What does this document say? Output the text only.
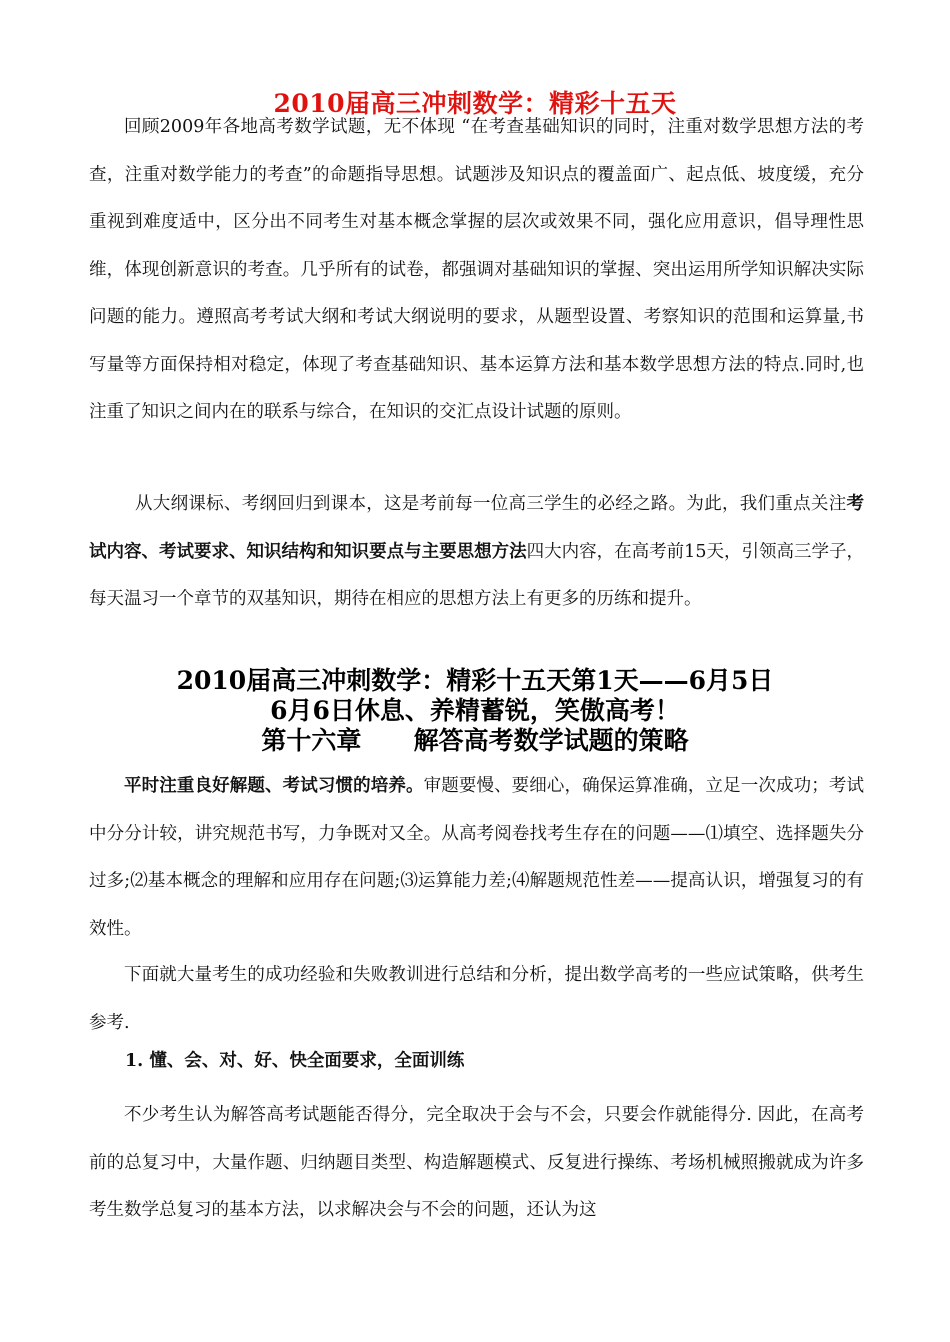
2010届高三冲刺数学：精彩十五天

回顾2009年各地高考数学试题，无不体现 “在考查基础知识的同时，注重对数学思想方法的考查，注重对数学能力的考查”的命题指导思想。试题涉及知识点的覆盖面广、起点低、坡度缓，充分重视到难度适中，区分出不同考生对基本概念掌握的层次或效果不同，强化应用意识，倡导理性思维，体现创新意识的考查。几乎所有的试卷，都强调对基础知识的掌握、突出运用所学知识解决实际问题的能力。遵照高考考试大纲和考试大纲说明的要求，从题型设置、考察知识的范围和运算量,书写量等方面保持相对稳定，体现了考查基础知识、基本运算方法和基本数学思想方法的特点.同时,也注重了知识之间内在的联系与综合，在知识的交汇点设计试题的原则。

从大纲课标、考纲回归到课本，这是考前每一位高三学生的必经之路。为此，我们重点关注考试内容、考试要求、知识结构和知识要点与主要思想方法四大内容，在高考前15天，引领高三学子，每天温习一个章节的双基知识，期待在相应的思想方法上有更多的历练和提升。

2010届高三冲刺数学：精彩十五天第1天——6月5日
6月6日休息、养精蓄锐，笑傲高考！
第十六章      解答高考数学试题的策略

平时注重良好解题、考试习惯的培养。审题要慢、要细心，确保运算准确，立足一次成功；考试中分分计较，讲究规范书写，力争既对又全。从高考阅卷找考生存在的问题——⑴填空、选择题失分过多;⑵基本概念的理解和应用存在问题;⑶运算能力差;⑷解题规范性差——提高认识，增强复习的有效性。

下面就大量考生的成功经验和失败教训进行总结和分析，提出数学高考的一些应试策略，供考生参考.

1. 懂、会、对、好、快全面要求，全面训练

不少考生认为解答高考试题能否得分，完全取决于会与不会，只要会作就能得分. 因此，在高考前的总复习中，大量作题、归纳题目类型、构造解题模式、反复进行操练、考场机械照搬就成为许多考生数学总复习的基本方法，以求解决会与不会的问题，还认为这
